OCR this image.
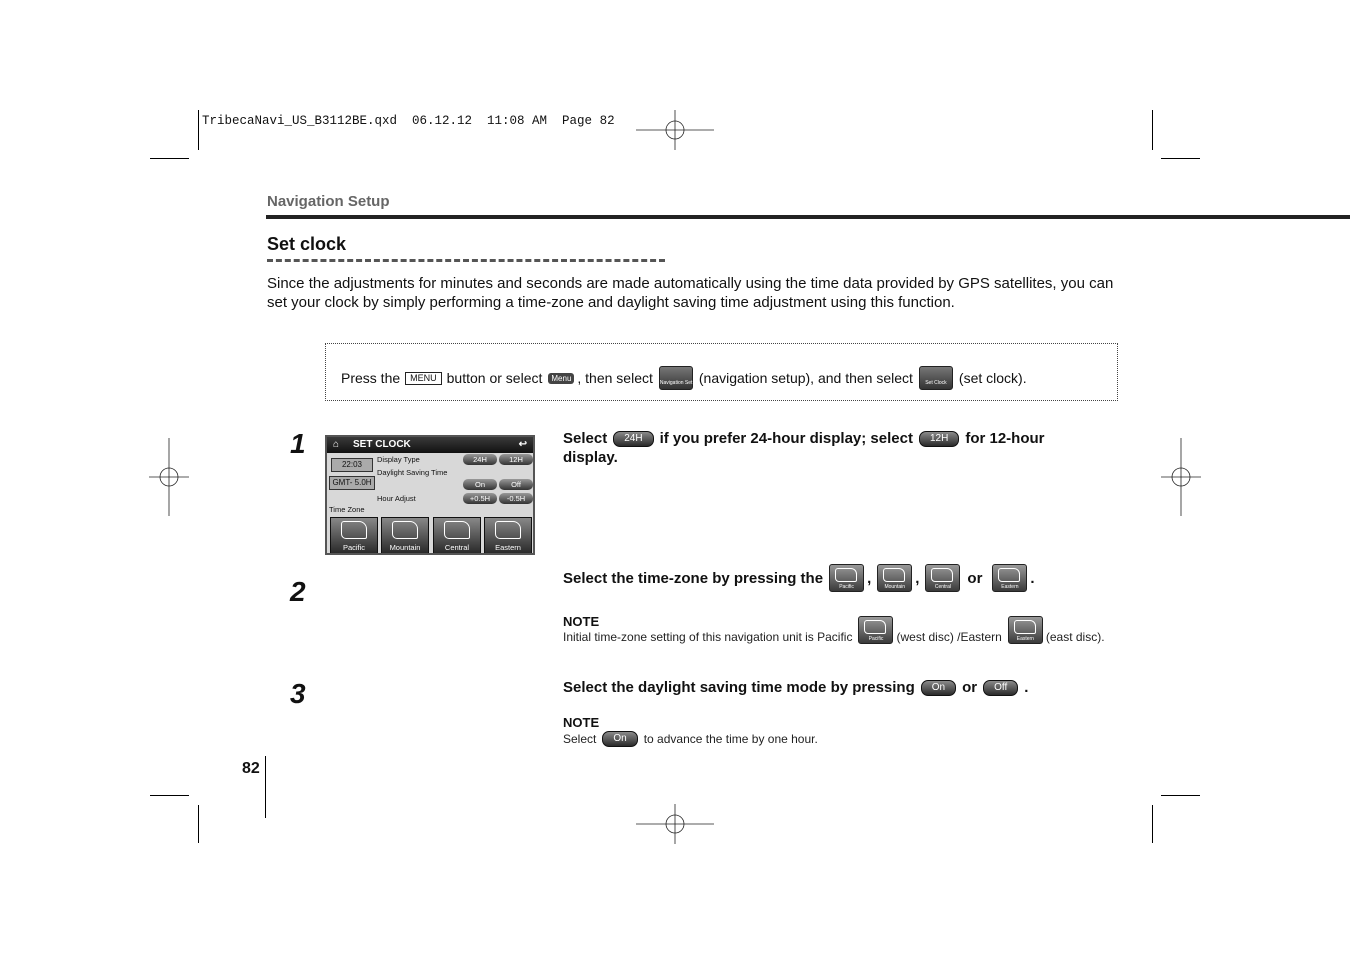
TribecaNavi_US_B3112BE.qxd  06.12.12  11:08 AM  Page 82
Navigation Setup
Set clock
Since the adjustments for minutes and seconds are made automatically using the time data provided by GPS satellites, you can set your clock by simply performing a time-zone and daylight saving time adjustment using this function.
Press the	MENU button or select	Menu , then select Navigation Set Up
(navigation setup), and then select	Set Clock (set clock).
1	⌂ SET CLOCK	↩
22:03
GMT- 5.0H
Display Type
Daylight Saving Time
Hour Adjust
Time Zone
24H	12H
On	Off
+0.5H	-0.5H
Pacific	Mountain	Central	Eastern
Select	24H	if you prefer 24-hour display; select	12H	for 12-hour
display.
2	Select the time-zone by pressing the
Pacific
,
Mountain
,
Central
or
Eastern
.
NOTE
Initial time-zone setting of this navigation unit is Pacific	Pacific	(west disc) /Eastern	Eastern (east disc).
3	Select the daylight saving time mode by pressing	On	or	Off	.
NOTE
Select	On	to advance the time by one hour.
82
